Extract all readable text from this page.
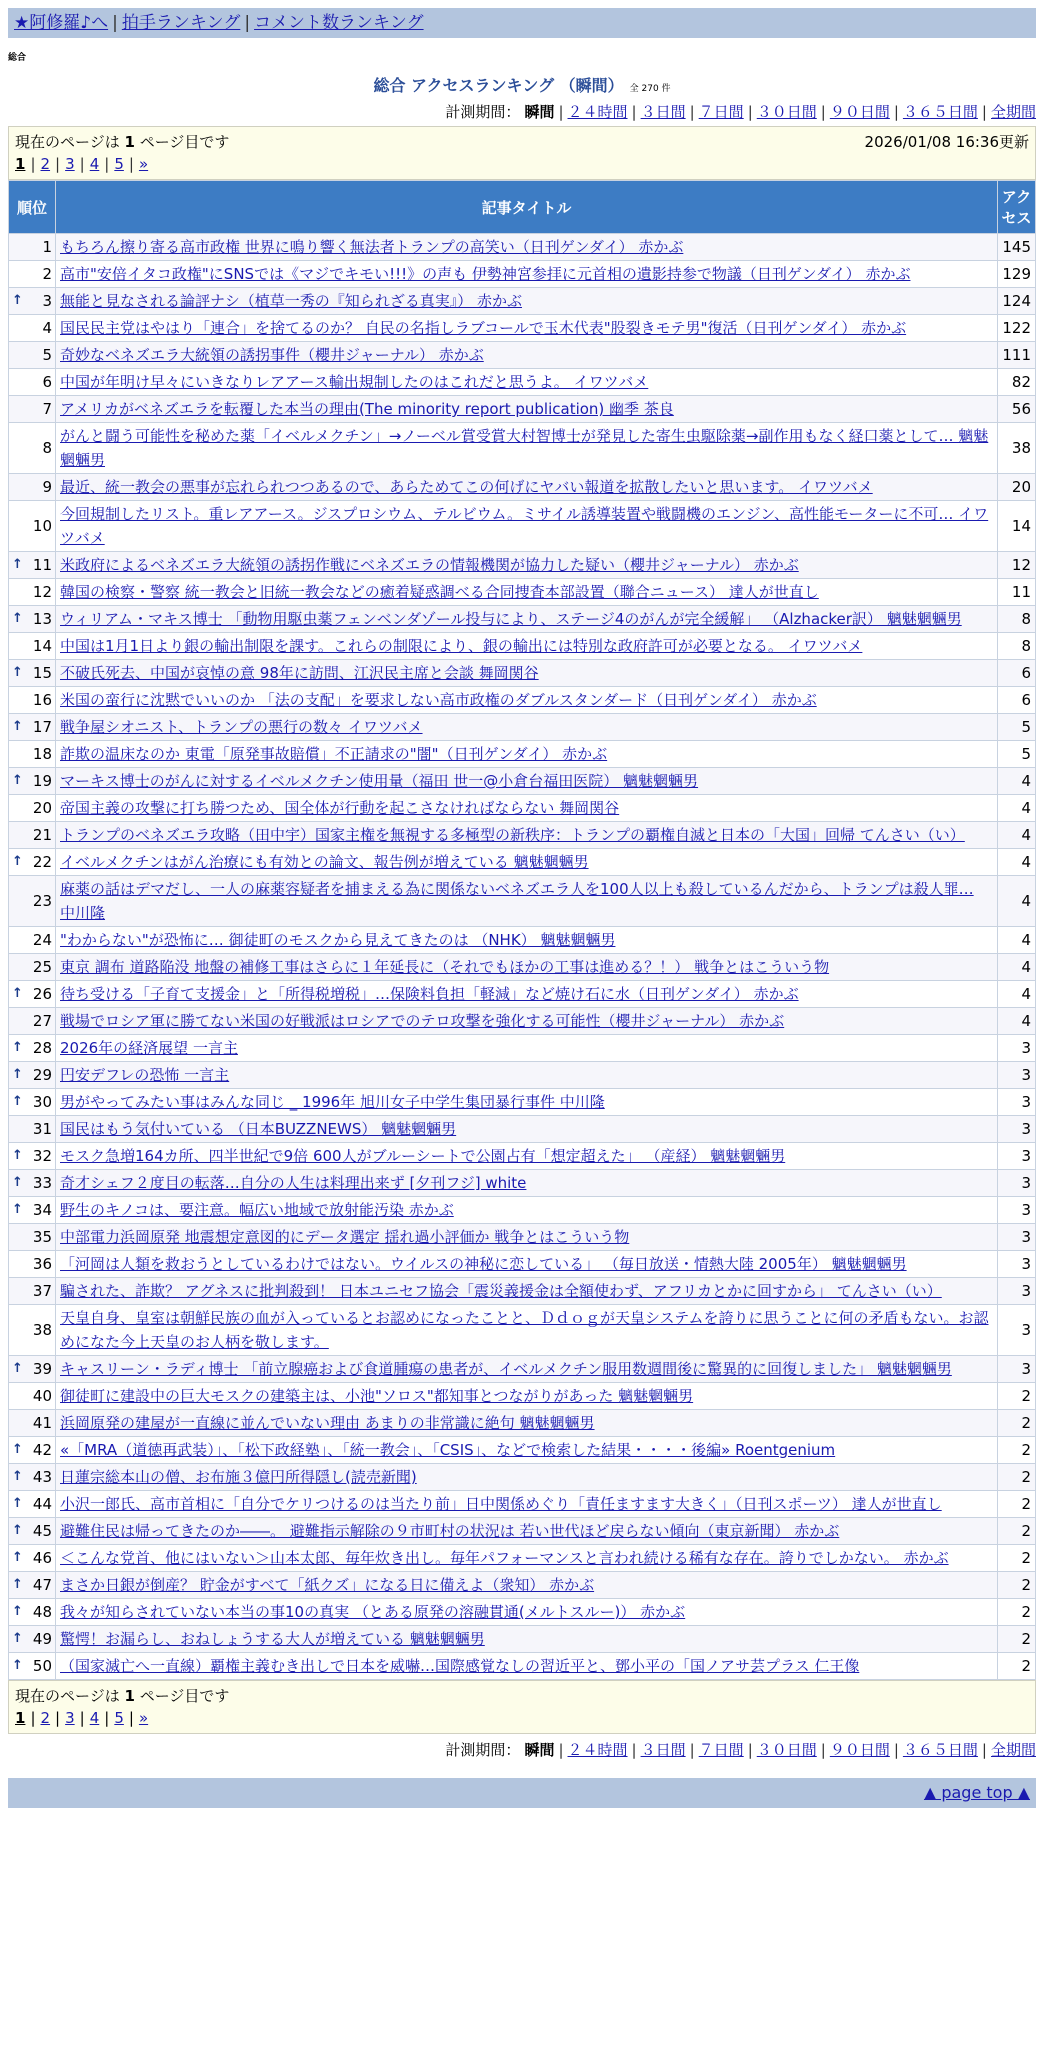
★阿修羅♪へ | 拍手ランキング | コメント数ランキング
総合
総合 アクセスランキング （瞬間） 全 270 件
計測期間： 瞬間 | ２４時間 | ３日間 | ７日間 | ３０日間 | ９０日間 | ３６５日間 | 全期間
現在のページは 1 ページ目です	2026/01/08 16:36更新
1 | 2 | 3 | 4 | 5 | »
順位	記事タイトル	アクセス
1	もちろん擦り寄る高市政権 世界に鳴り響く無法者トランプの高笑い（日刊ゲンダイ） 赤かぶ	145
2	高市"安倍イタコ政権"にSNSでは《マジでキモい!!!》の声も 伊勢神宮参拝に元首相の遺影持参で物議（日刊ゲンダイ） 赤かぶ	129

↑ 3	無能と見なされる論評ナシ（植草一秀の『知られざる真実』） 赤かぶ	124
4	国民民主党はやはり「連合」を捨てるのか？ 自民の名指しラブコールで玉木代表"股裂きモテ男"復活（日刊ゲンダイ） 赤かぶ	122
5	奇妙なベネズエラ大統領の誘拐事件（櫻井ジャーナル） 赤かぶ	111
6	中国が年明け早々にいきなりレアアース輸出規制したのはこれだと思うよ。 イワツバメ	82
7	アメリカがベネズエラを転覆した本当の理由(The minority report publication) 幽季 茶良	56
8	がんと闘う可能性を秘めた薬「イベルメクチン」→ノーベル賞受賞大村智博士が発見した寄生虫駆除薬→副作用もなく経口薬として… 魑魅魍魎男	38
9	最近、統一教会の悪事が忘れられつつあるので、あらためてこの何げにヤバい報道を拡散したいと思います。 イワツバメ	20
10	今回規制したリスト。重レアアース。ジスプロシウム、テルビウム。ミサイル誘導装置や戦闘機のエンジン、高性能モーターに不可… イワツバメ	14

↑ 11	米政府によるベネズエラ大統領の誘拐作戦にベネズエラの情報機関が協力した疑い（櫻井ジャーナル） 赤かぶ	12
12	韓国の検察・警察 統一教会と旧統一教会などの癒着疑惑調べる合同捜査本部設置（聯合ニュース） 達人が世直し	11

↑ 13	ウィリアム・マキス博士 「動物用駆虫薬フェンベンダゾール投与により、ステージ4のがんが完全緩解」 （Alzhacker訳） 魑魅魍魎男	8
14	中国は1月1日より銀の輸出制限を課す。これらの制限により、銀の輸出には特別な政府許可が必要となる。 イワツバメ	8

↑ 15	不破氏死去、中国が哀悼の意 98年に訪問、江沢民主席と会談 舞岡関谷	6
16	米国の蛮行に沈黙でいいのか 「法の支配」を要求しない高市政権のダブルスタンダード（日刊ゲンダイ） 赤かぶ	6

↑ 17	戦争屋シオニスト、トランプの悪行の数々 イワツバメ	5
18	詐欺の温床なのか 東電「原発事故賠償」不正請求の"闇"（日刊ゲンダイ） 赤かぶ	5

↑ 19	マーキス博士のがんに対するイベルメクチン使用量（福田 世一@小倉台福田医院） 魑魅魍魎男	4
20	帝国主義の攻撃に打ち勝つため、国全体が行動を起こさなければならない 舞岡関谷	4
21	トランプのベネズエラ攻略（田中宇）国家主権を無視する多極型の新秩序：トランプの覇権自滅と日本の「大国」回帰 てんさい（い）	4

↑ 22	イベルメクチンはがん治療にも有効との論文、報告例が増えている 魑魅魍魎男	4
23	麻薬の話はデマだし、一人の麻薬容疑者を捕まえる為に関係ないベネズエラ人を100人以上も殺しているんだから、トランプは殺人罪… 中川隆	4
24	"わからない"が恐怖に… 御徒町のモスクから見えてきたのは （NHK） 魑魅魍魎男	4
25	東京 調布 道路陥没 地盤の補修工事はさらに１年延長に（それでもほかの工事は進める？！） 戦争とはこういう物	4

↑ 26	待ち受ける「子育て支援金」と「所得税増税」…保険料負担「軽減」など焼け石に水（日刊ゲンダイ） 赤かぶ	4
27	戦場でロシア軍に勝てない米国の好戦派はロシアでのテロ攻撃を強化する可能性（櫻井ジャーナル） 赤かぶ	4

↑ 28	2026年の経済展望 一言主	3

↑ 29	円安デフレの恐怖 一言主	3

↑ 30	男がやってみたい事はみんな同じ _ 1996年 旭川女子中学生集団暴行事件 中川隆	3
31	国民はもう気付いている （日本BUZZNEWS） 魑魅魍魎男	3

↑ 32	モスク急増164カ所、四半世紀で9倍 600人がブルーシートで公園占有「想定超えた」 （産経） 魑魅魍魎男	3

↑ 33	奇才シェフ２度目の転落…自分の人生は料理出来ず [夕刊フジ] white	3

↑ 34	野生のキノコは、要注意。幅広い地域で放射能汚染 赤かぶ	3
35	中部電力浜岡原発 地震想定意図的にデータ選定 揺れ過小評価か 戦争とはこういう物	3
36	「河岡は人類を救おうとしているわけではない。ウイルスの神秘に恋している」 （毎日放送・情熱大陸 2005年） 魑魅魍魎男	3
37	騙された、詐欺？ アグネスに批判殺到！ 日本ユニセフ協会「震災義援金は全額使わず、アフリカとかに回すから」 てんさい（い）	3
38	天皇自身、皇室は朝鮮民族の血が入っているとお認めになったことと、Ｄｄｏｇが天皇システムを誇りに思うことに何の矛盾もない。お認めになた今上天皇のお人柄を敬します。	3

↑ 39	キャスリーン・ラディ博士 「前立腺癌および食道腫瘍の患者が、イベルメクチン服用数週間後に驚異的に回復しました」 魑魅魍魎男	3
40	御徒町に建設中の巨大モスクの建築主は、小池"ソロス"都知事とつながりがあった 魑魅魍魎男	2
41	浜岡原発の建屋が一直線に並んでいない理由 あまりの非常識に絶句 魑魅魍魎男	2

↑ 42	«「MRA（道徳再武装）」、「松下政経塾」、「統一教会」、「CSIS」、などで検索した結果・・・・後編» Roentgenium	2

↑ 43	日蓮宗総本山の僧、お布施３億円所得隠し(読売新聞)	2

↑ 44	小沢一郎氏、高市首相に「自分でケリつけるのは当たり前」日中関係めぐり「責任ますます大きく」（日刊スポーツ） 達人が世直し	2

↑ 45	避難住民は帰ってきたのか――。 避難指示解除の９市町村の状況は 若い世代ほど戻らない傾向（東京新聞） 赤かぶ	2

↑ 46	＜こんな党首、他にはいない＞山本太郎、毎年炊き出し。毎年パフォーマンスと言われ続ける稀有な存在。誇りでしかない。 赤かぶ	2

↑ 47	まさか日銀が倒産？ 貯金がすべて「紙クズ」になる日に備えよ（衆知） 赤かぶ	2

↑ 48	我々が知らされていない本当の事10の真実 （とある原発の溶融貫通(メルトスルー)） 赤かぶ	2

↑ 49	驚愕！お漏らし、おねしょうする大人が増えている 魑魅魍魎男	2

↑ 50	（国家滅亡へ一直線）覇権主義むき出しで日本を威嚇…国際感覚なしの習近平と、鄧小平の「国ノアサ芸プラス 仁王像	2
現在のページは 1 ページ目です
1 | 2 | 3 | 4 | 5 | »
計測期間： 瞬間 | ２４時間 | ３日間 | ７日間 | ３０日間 | ９０日間 | ３６５日間 | 全期間
▲ page top ▲
